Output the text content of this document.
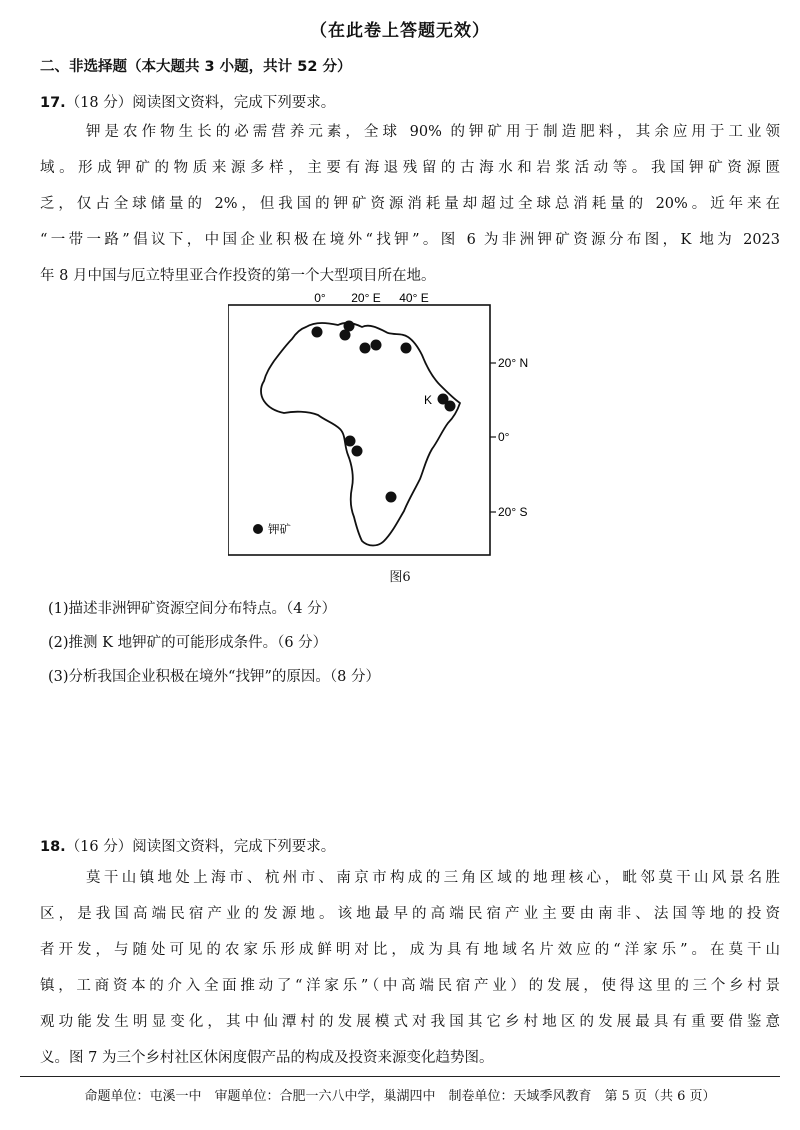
（在此卷上答题无效）
二、非选择题（本大题共 3 小题，共计 52 分）
17.（18 分）阅读图文资料，完成下列要求。
钾是农作物生长的必需营养元素，全球 90% 的钾矿用于制造肥料，其余应用于工业领
域。形成钾矿的物质来源多样，主要有海退残留的古海水和岩浆活动等。我国钾矿资源匮
乏，仅占全球储量的 2%，但我国的钾矿资源消耗量却超过全球总消耗量的 20%。近年来在
“一带一路”倡议下，中国企业积极在境外“找钾”。图 6 为非洲钾矿资源分布图，K 地为 2023
年 8 月中国与厄立特里亚合作投资的第一个大型项目所在地。
0° 20° E 40° E
20° N
0°
20° S
K
钾矿
图6
(1)描述非洲钾矿资源空间分布特点。（4 分）
(2)推测 K 地钾矿的可能形成条件。（6 分）
(3)分析我国企业积极在境外“找钾”的原因。（8 分）
18.（16 分）阅读图文资料，完成下列要求。
莫干山镇地处上海市、杭州市、南京市构成的三角区域的地理核心，毗邻莫干山风景名胜
区，是我国高端民宿产业的发源地。该地最早的高端民宿产业主要由南非、法国等地的投资
者开发，与随处可见的农家乐形成鲜明对比，成为具有地域名片效应的“洋家乐”。在莫干山
镇，工商资本的介入全面推动了“洋家乐”（中高端民宿产业）的发展，使得这里的三个乡村景
观功能发生明显变化，其中仙潭村的发展模式对我国其它乡村地区的发展最具有重要借鉴意
义。图 7 为三个乡村社区休闲度假产品的构成及投资来源变化趋势图。
命题单位：屯溪一中　审题单位：合肥一六八中学，巢湖四中　制卷单位：天域季风教育　第 5 页（共 6 页）
